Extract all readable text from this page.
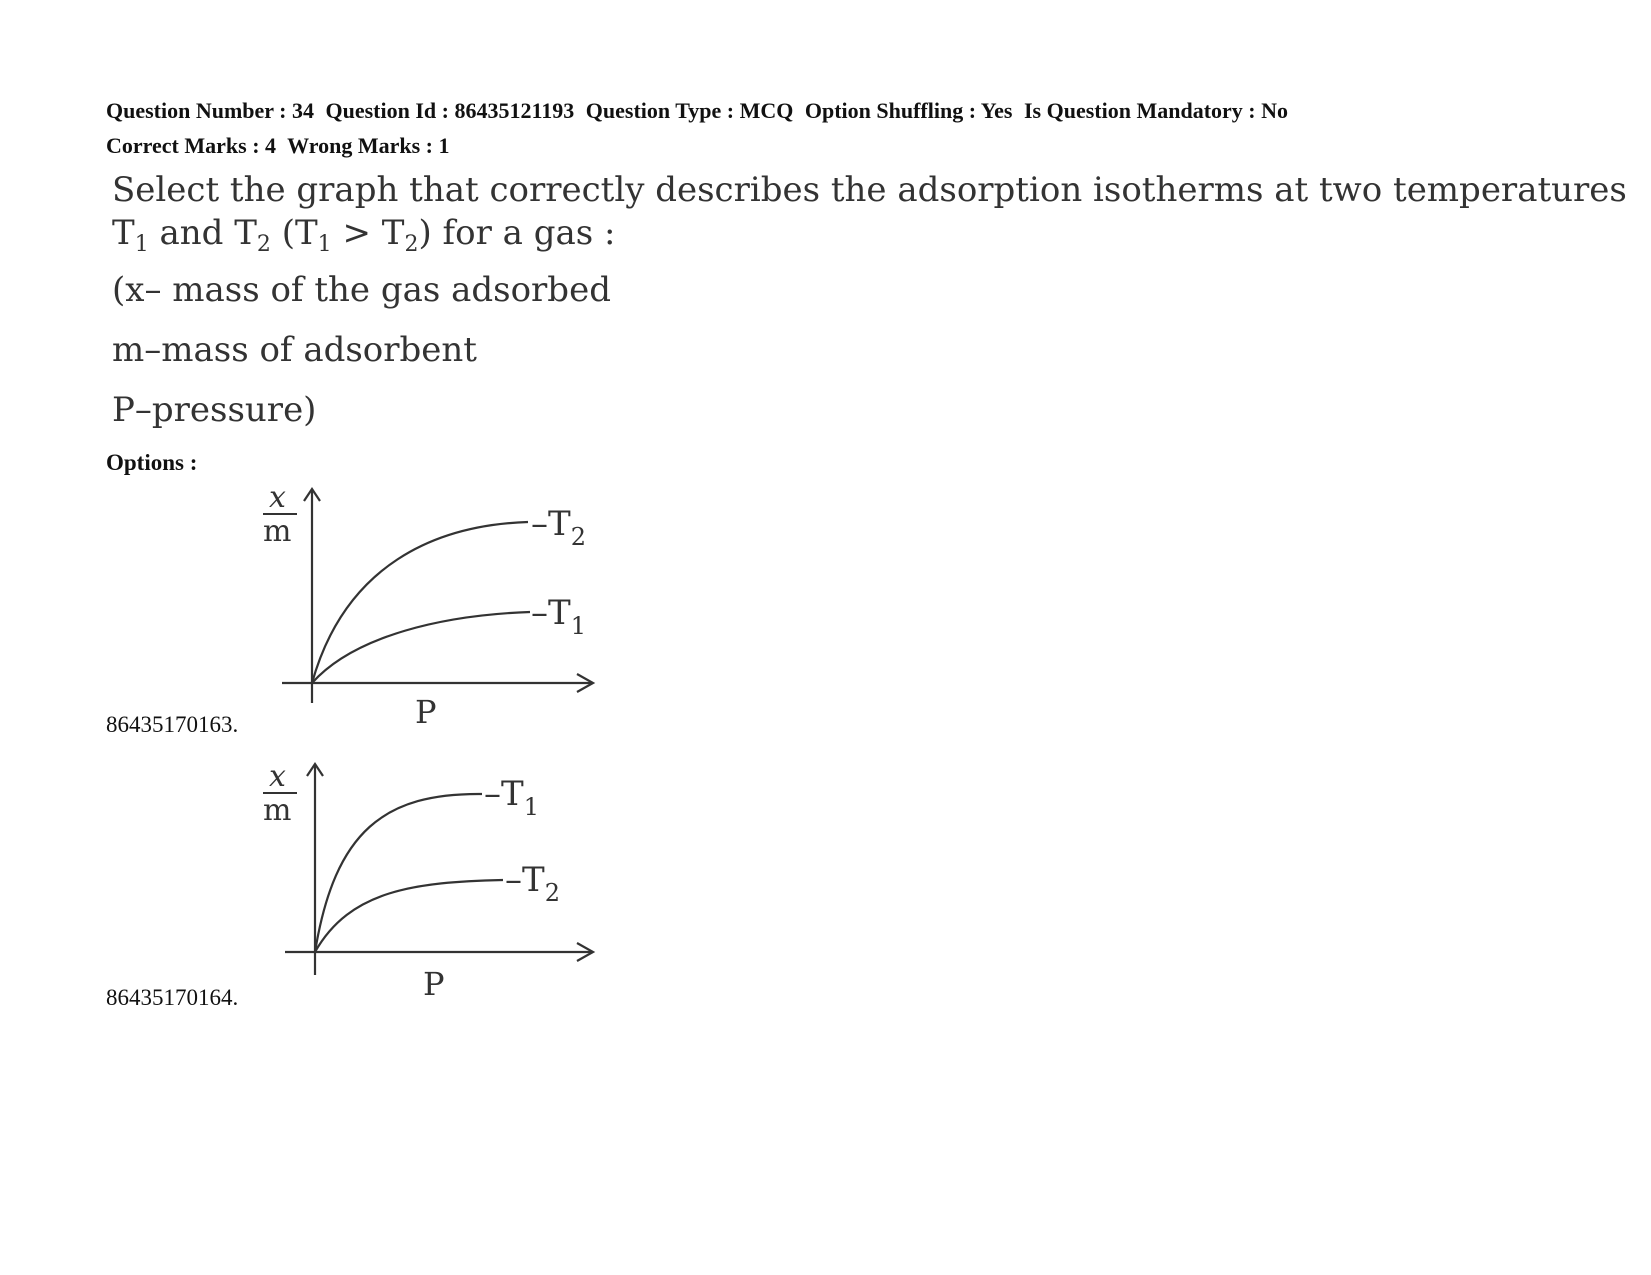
Question Number : 34 Question Id : 86435121193 Question Type : MCQ Option Shuffling : Yes Is Question Mandatory : No
Correct Marks : 4 Wrong Marks : 1
Select the graph that correctly describes the adsorption isotherms at two temperatures
$T_1$ and $T_2$ $(T_1 > T_2)$ for a gas :
(x– mass of the gas adsorbed
m–mass of adsorbent
P–pressure)
Options :
86435170163.
x
m
P
$-T_2$
$-T_1$
86435170164.
x
m
P
$-T_1$
$-T_2$
